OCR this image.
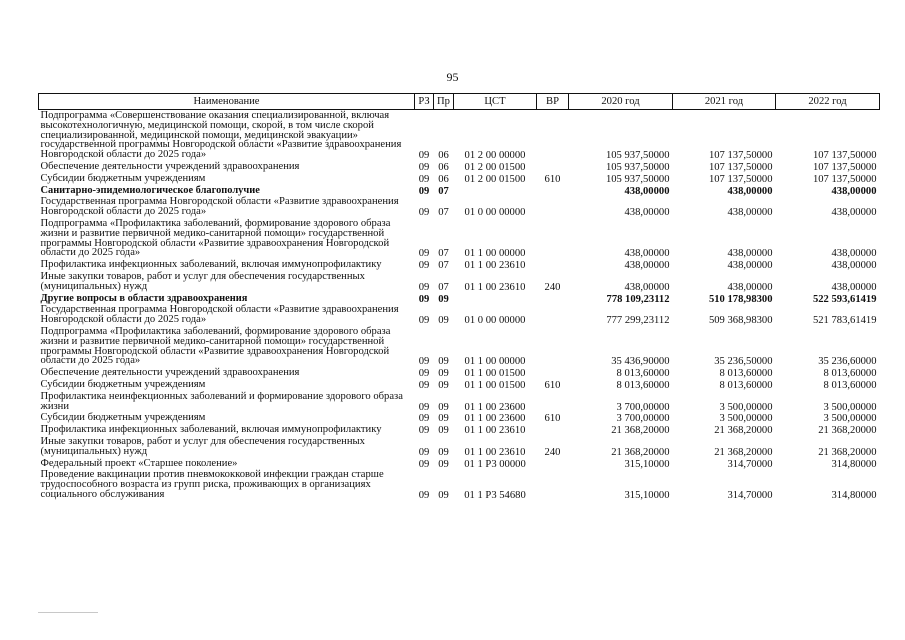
95
Наименование	РЗ	Пр	ЦСТ	ВР	2020 год	2021 год	2022 год
Подпрограмма «Совершенствование оказания специализированной, включая высокотехнологичную, медицинской помощи, скорой, в том числе скорой специализированной, медицинской помощи, медицинской эвакуации» государственной программы Новгородской области «Развитие здравоохранения Новгородской области до 2025 года»	09	06	01 2 00 00000		105 937,50000	107 137,50000	107 137,50000
Обеспечение деятельности учреждений здравоохранения	09	06	01 2 00 01500		105 937,50000	107 137,50000	107 137,50000
Субсидии бюджетным учреждениям	09	06	01 2 00 01500	610	105 937,50000	107 137,50000	107 137,50000
Санитарно-эпидемиологическое благополучие	09	07			438,00000	438,00000	438,00000
Государственная программа Новгородской области «Развитие здравоохранения Новгородской области до 2025 года»	09	07	01 0 00 00000		438,00000	438,00000	438,00000
Подпрограмма «Профилактика заболеваний, формирование здорового образа жизни и развитие первичной медико-санитарной помощи» государственной программы Новгородской области «Развитие здравоохранения Новгородской области до 2025 года»	09	07	01 1 00 00000		438,00000	438,00000	438,00000
Профилактика инфекционных заболеваний, включая иммунопрофилактику	09	07	01 1 00 23610		438,00000	438,00000	438,00000
Иные закупки товаров, работ и услуг для обеспечения государственных (муниципальных) нужд	09	07	01 1 00 23610	240	438,00000	438,00000	438,00000
Другие вопросы в области здравоохранения	09	09			778 109,23112	510 178,98300	522 593,61419
Государственная программа Новгородской области «Развитие здравоохранения Новгородской области до 2025 года»	09	09	01 0 00 00000		777 299,23112	509 368,98300	521 783,61419
Подпрограмма «Профилактика заболеваний, формирование здорового образа жизни и развитие первичной медико-санитарной помощи» государственной программы Новгородской области «Развитие здравоохранения Новгородской области до 2025 года»	09	09	01 1 00 00000		35 436,90000	35 236,50000	35 236,60000
Обеспечение деятельности учреждений здравоохранения	09	09	01 1 00 01500		8 013,60000	8 013,60000	8 013,60000
Субсидии бюджетным учреждениям	09	09	01 1 00 01500	610	8 013,60000	8 013,60000	8 013,60000
Профилактика неинфекционных заболеваний и формирование здорового образа жизни	09	09	01 1 00 23600		3 700,00000	3 500,00000	3 500,00000
Субсидии бюджетным учреждениям	09	09	01 1 00 23600	610	3 700,00000	3 500,00000	3 500,00000
Профилактика инфекционных заболеваний, включая иммунопрофилактику	09	09	01 1 00 23610		21 368,20000	21 368,20000	21 368,20000
Иные закупки товаров, работ и услуг для обеспечения государственных (муниципальных) нужд	09	09	01 1 00 23610	240	21 368,20000	21 368,20000	21 368,20000
Федеральный проект «Старшее поколение»	09	09	01 1 P3 00000		315,10000	314,70000	314,80000
Проведение вакцинации против пневмококковой инфекции граждан старше трудоспособного возраста из групп риска, проживающих в организациях социального обслуживания	09	09	01 1 P3 54680		315,10000	314,70000	314,80000
